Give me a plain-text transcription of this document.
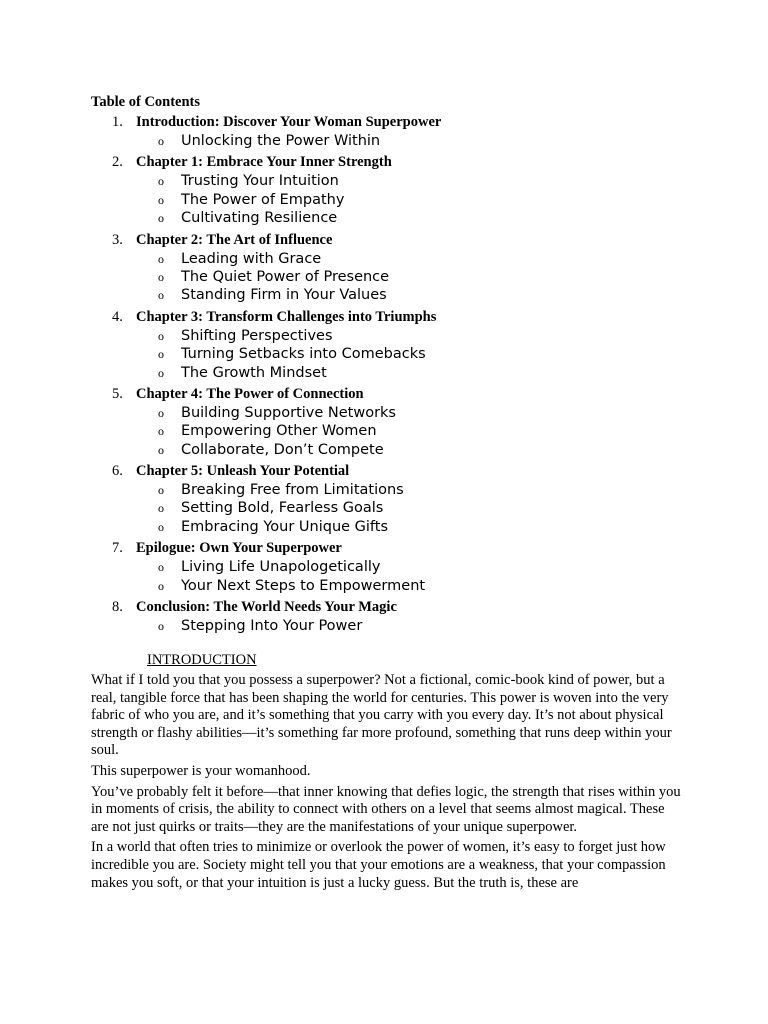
Table of Contents
1. Introduction: Discover Your Woman Superpower
o Unlocking the Power Within
2. Chapter 1: Embrace Your Inner Strength
o Trusting Your Intuition
o The Power of Empathy
o Cultivating Resilience
3. Chapter 2: The Art of Influence
o Leading with Grace
o The Quiet Power of Presence
o Standing Firm in Your Values
4. Chapter 3: Transform Challenges into Triumphs
o Shifting Perspectives
o Turning Setbacks into Comebacks
o The Growth Mindset
5. Chapter 4: The Power of Connection
o Building Supportive Networks
o Empowering Other Women
o Collaborate, Don’t Compete
6. Chapter 5: Unleash Your Potential
o Breaking Free from Limitations
o Setting Bold, Fearless Goals
o Embracing Your Unique Gifts
7. Epilogue: Own Your Superpower
o Living Life Unapologetically
o Your Next Steps to Empowerment
8. Conclusion: The World Needs Your Magic
o Stepping Into Your Power
INTRODUCTION

What if I told you that you possess a superpower? Not a fictional, comic-book kind of power, but a real, tangible force that has been shaping the world for centuries. This power is woven into the very fabric of who you are, and it’s something that you carry with you every day. It’s not about physical strength or flashy abilities—it’s something far more profound, something that runs deep within your soul.

This superpower is your womanhood.

You’ve probably felt it before—that inner knowing that defies logic, the strength that rises within you in moments of crisis, the ability to connect with others on a level that seems almost magical. These are not just quirks or traits—they are the manifestations of your unique superpower.

In a world that often tries to minimize or overlook the power of women, it’s easy to forget just how incredible you are. Society might tell you that your emotions are a weakness, that your compassion makes you soft, or that your intuition is just a lucky guess. But the truth is, these are
